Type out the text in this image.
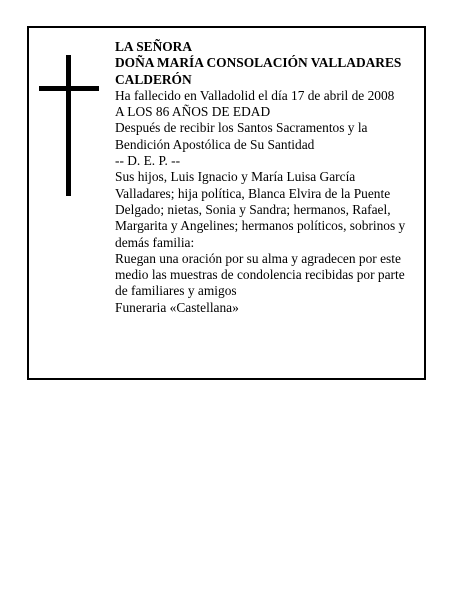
LA SEÑORA

DOÑA MARÍA CONSOLACIÓN VALLADARES

CALDERÓN

Ha fallecido en Valladolid el día 17 de abril de 2008

A LOS 86 AÑOS DE EDAD

Después de recibir los Santos Sacramentos y la Bendición Apostólica de Su Santidad

-- D. E. P. --

Sus hijos, Luis Ignacio y María Luisa García Valladares; hija política, Blanca Elvira de la Puente Delgado; nietas, Sonia y Sandra; hermanos, Rafael, Margarita y Angelines; hermanos políticos, sobrinos y demás familia:

Ruegan una oración por su alma y agradecen por este medio las muestras de condolencia recibidas por parte de familiares y amigos

Funeraria «Castellana»
